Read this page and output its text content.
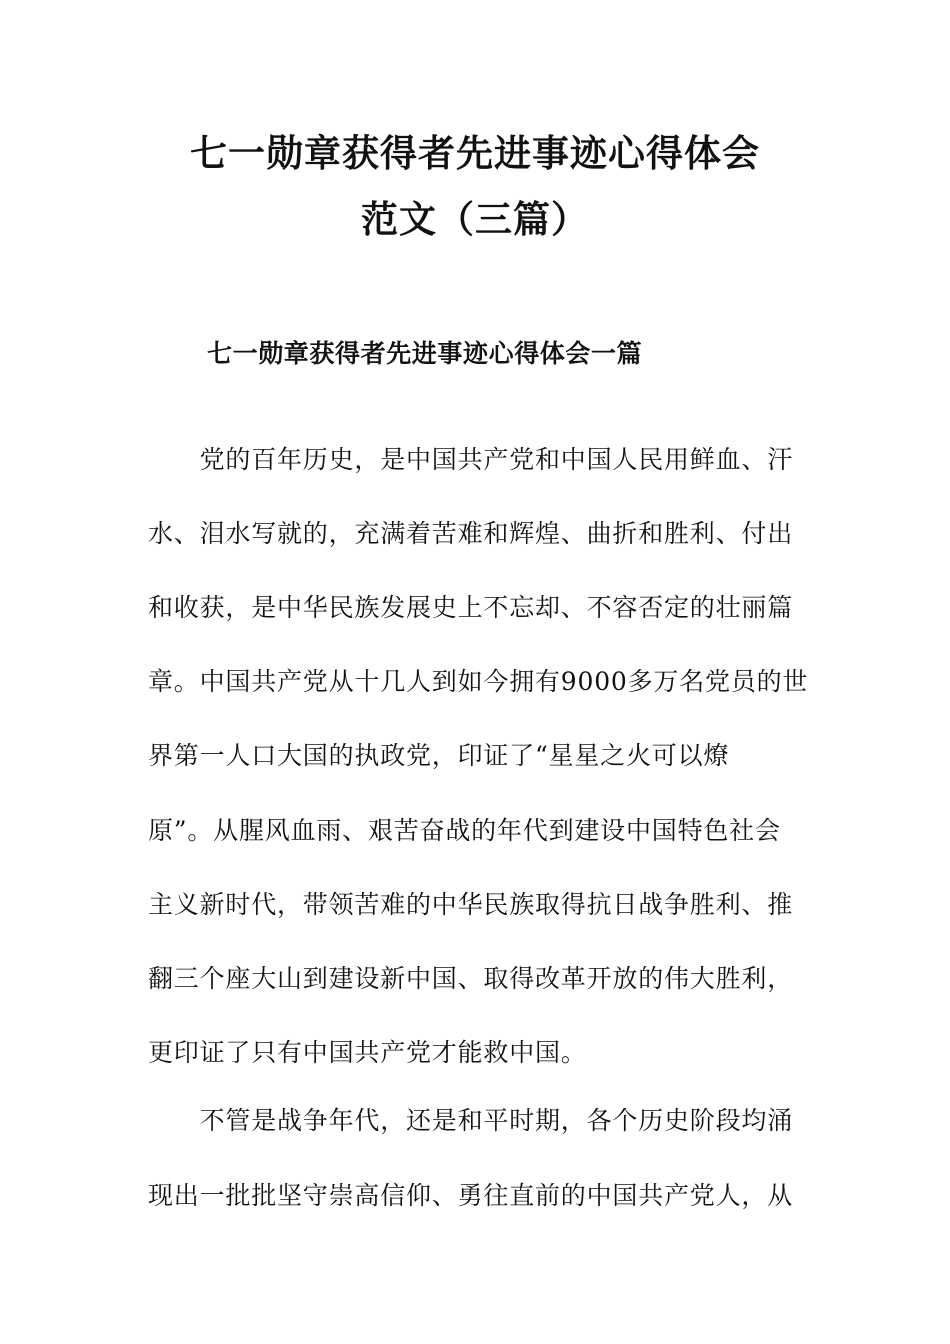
七一勋章获得者先进事迹心得体会
范文（三篇）
七一勋章获得者先进事迹心得体会一篇
　　党的百年历史，是中国共产党和中国人民用鲜血、汗
水、泪水写就的，充满着苦难和辉煌、曲折和胜利、付出
和收获，是中华民族发展史上不忘却、不容否定的壮丽篇
章。中国共产党从十几人到如今拥有9000多万名党员的世
界第一人口大国的执政党，印证了“星星之火可以燎
原”。从腥风血雨、艰苦奋战的年代到建设中国特色社会
主义新时代，带领苦难的中华民族取得抗日战争胜利、推
翻三个座大山到建设新中国、取得改革开放的伟大胜利，
更印证了只有中国共产党才能救中国。
　　不管是战争年代，还是和平时期，各个历史阶段均涌
现出一批批坚守崇高信仰、勇往直前的中国共产党人，从
